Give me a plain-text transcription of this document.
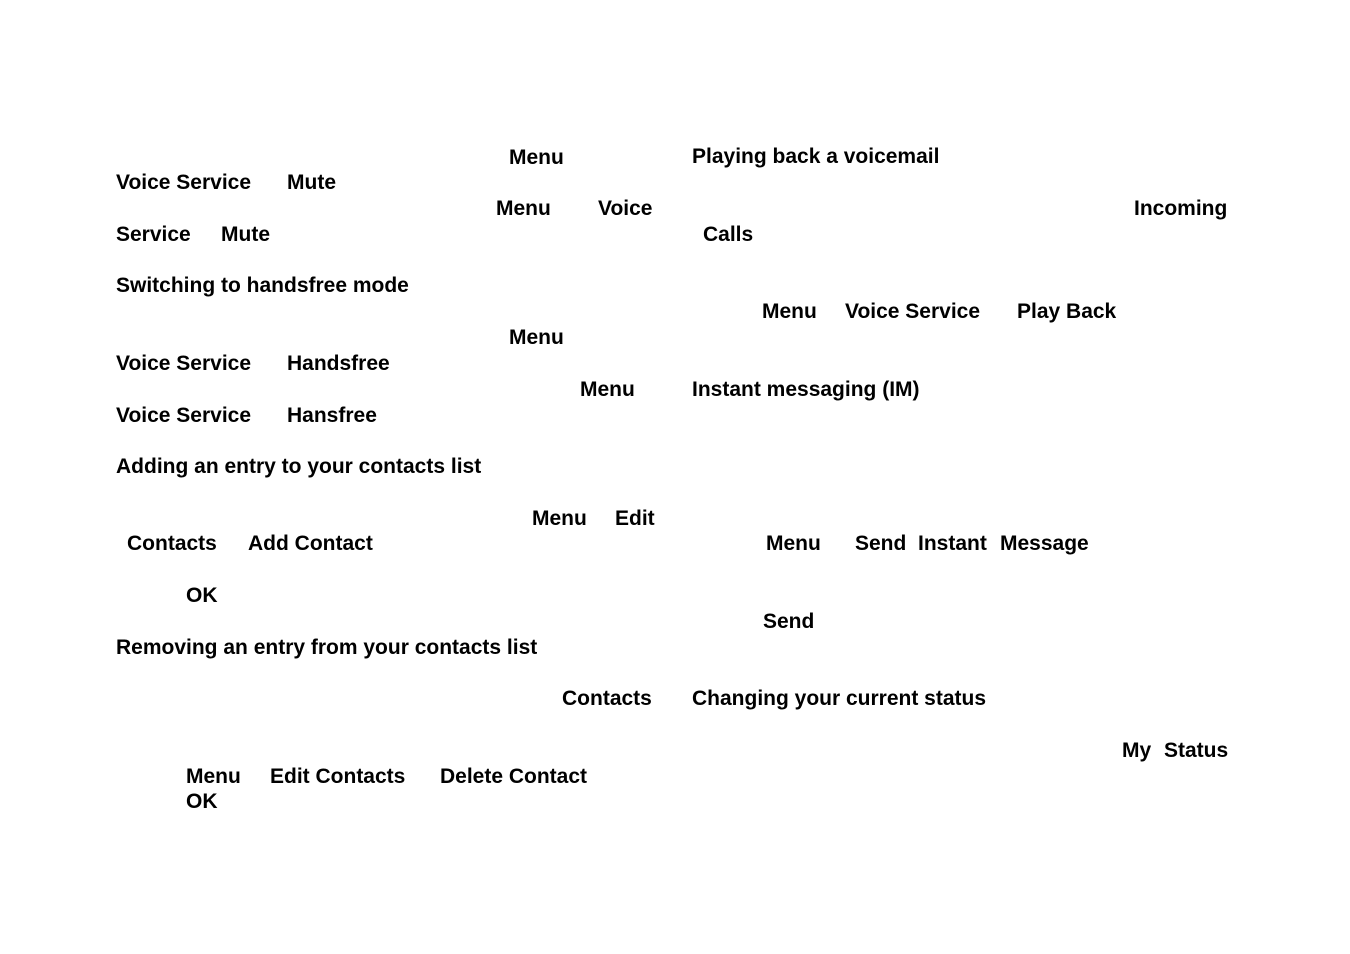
Menu

Voice Service Mute

Menu Voice

Service Mute

Switching to handsfree mode

Menu

Voice Service Handsfree

Menu

Voice Service Hansfree

Adding an entry to your contacts list

Menu Edit

Contacts Add Contact

OK

Removing an entry from your contacts list

Contacts

Menu Edit Contacts Delete Contact

OK

Playing back a voicemail

Incoming

Calls

Menu Voice Service Play Back

Instant messaging (IM)

Menu Send Instant Message

Send

Changing your current status

My Status
